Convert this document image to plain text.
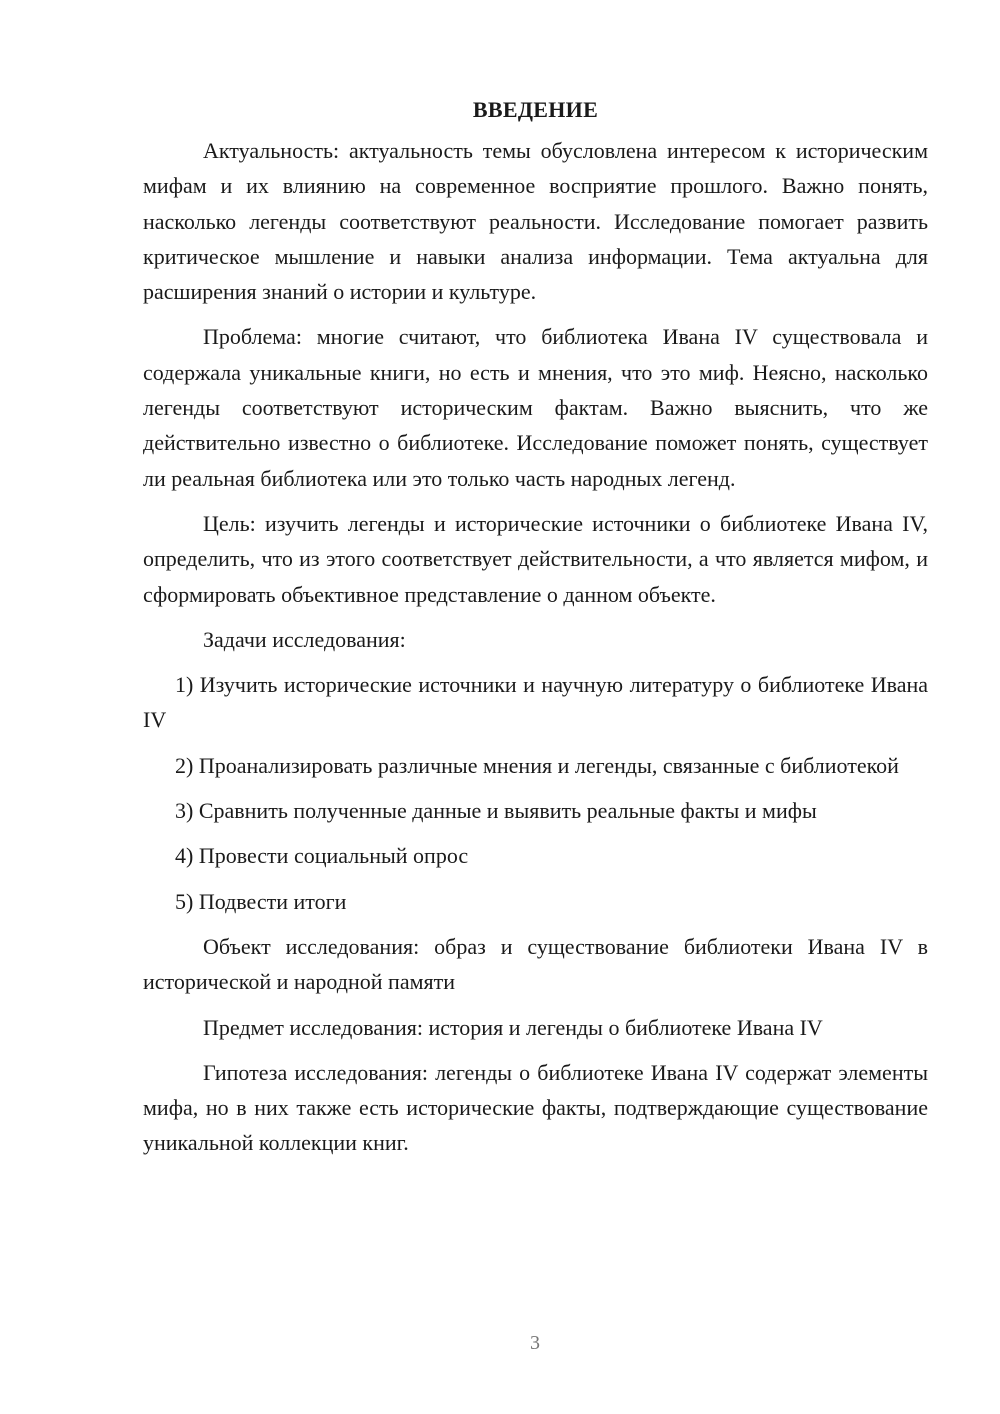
ВВЕДЕНИЕ

Актуальность: актуальность темы обусловлена интересом к историческим мифам и их влиянию на современное восприятие прошлого. Важно понять, насколько легенды соответствуют реальности. Исследование помогает развить критическое мышление и навыки анализа информации. Тема актуальна для расширения знаний о истории и культуре.

Проблема: многие считают, что библиотека Ивана IV существовала и содержала уникальные книги, но есть и мнения, что это миф. Неясно, насколько легенды соответствуют историческим фактам. Важно выяснить, что же действительно известно о библиотеке. Исследование поможет понять, существует ли реальная библиотека или это только часть народных легенд.

Цель: изучить легенды и исторические источники о библиотеке Ивана IV, определить, что из этого соответствует действительности, а что является мифом, и сформировать объективное представление о данном объекте.

Задачи исследования:

1) Изучить исторические источники и научную литературу о библиотеке Ивана IV

2) Проанализировать различные мнения и легенды, связанные с библиотекой

3) Сравнить полученные данные и выявить реальные факты и мифы

4) Провести социальный опрос

5) Подвести итоги

Объект исследования: образ и существование библиотеки Ивана IV в исторической и народной памяти

Предмет исследования: история и легенды о библиотеке Ивана IV

Гипотеза исследования: легенды о библиотеке Ивана IV содержат элементы мифа, но в них также есть исторические факты, подтверждающие существование уникальной коллекции книг.

3
